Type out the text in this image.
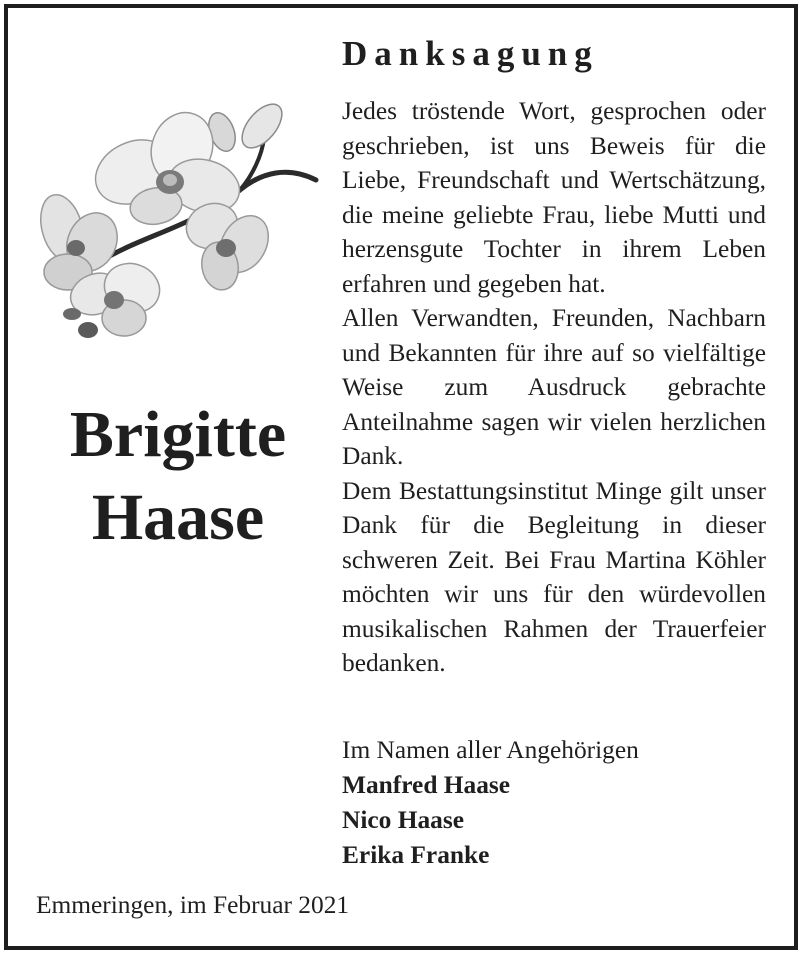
Danksagung

Jedes tröstende Wort, gesprochen oder geschrieben, ist uns Beweis für die Liebe, Freundschaft und Wertschätzung, die meine geliebte Frau, liebe Mutti und herzensgute Tochter in ihrem Leben erfahren und gegeben hat.

Allen Verwandten, Freunden, Nachbarn und Bekannten für ihre auf so vielfältige Weise zum Ausdruck gebrachte Anteilnahme sagen wir vielen herzlichen Dank.

Dem Bestattungsinstitut Minge gilt unser Dank für die Begleitung in dieser schweren Zeit. Bei Frau Martina Köhler möchten wir uns für den würdevollen musikalischen Rahmen der Trauerfeier bedanken.

Brigitte
Haase
Im Namen aller Angehörigen
Manfred Haase
Nico Haase
Erika Franke
Emmeringen, im Februar 2021
